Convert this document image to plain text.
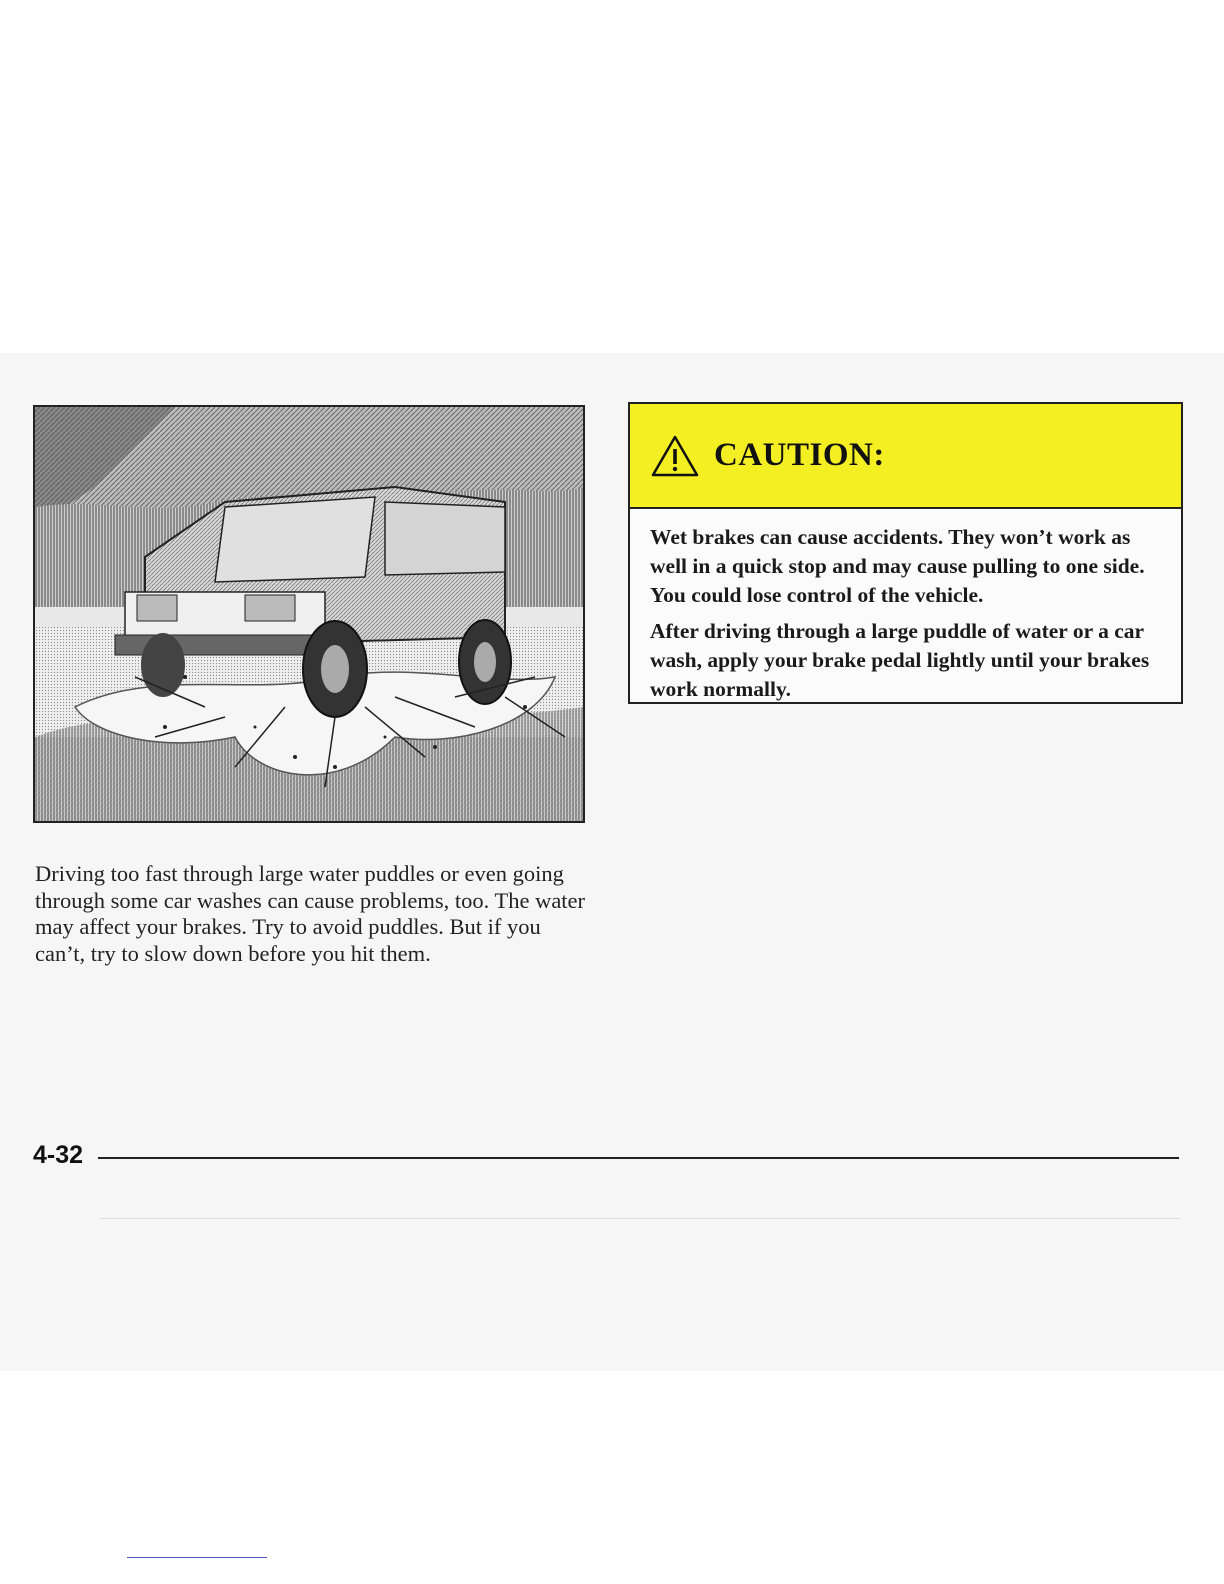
Driving too fast through large water puddles or even going through some car washes can cause problems, too. The water may affect your brakes. Try to avoid puddles. But if you can’t, try to slow down before you hit them.

CAUTION:

Wet brakes can cause accidents. They won’t work as well in a quick stop and may cause pulling to one side. You could lose control of the vehicle.

After driving through a large puddle of water or a car wash, apply your brake pedal lightly until your brakes work normally.

4-32
